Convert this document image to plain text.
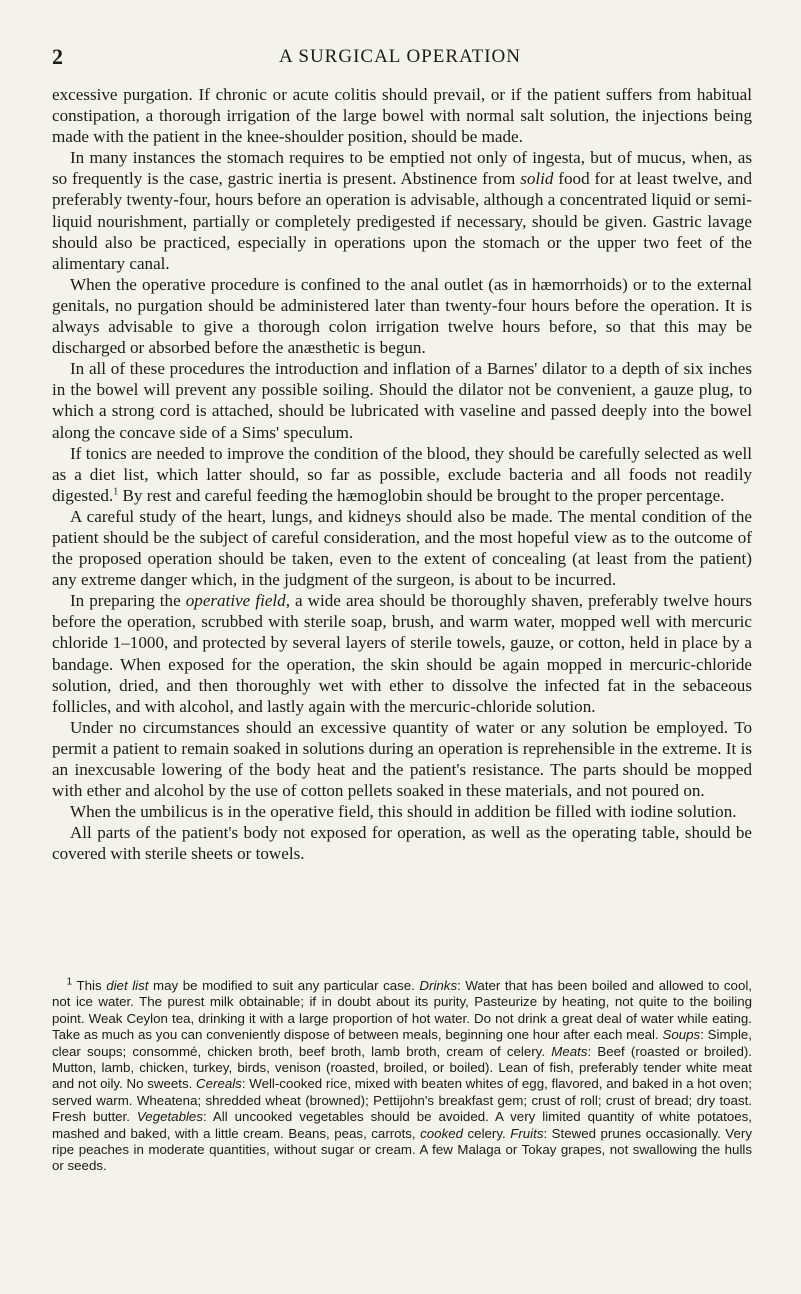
2	A SURGICAL OPERATION

excessive purgation. If chronic or acute colitis should prevail, or if the patient suffers from habitual constipation, a thorough irrigation of the large bowel with normal salt solution, the injections being made with the patient in the knee-shoulder position, should be made.

In many instances the stomach requires to be emptied not only of ingesta, but of mucus, when, as so frequently is the case, gastric inertia is present. Abstinence from solid food for at least twelve, and preferably twenty-four, hours before an operation is advisable, although a concentrated liquid or semi-liquid nourishment, partially or completely predigested if necessary, should be given. Gastric lavage should also be practiced, especially in operations upon the stomach or the upper two feet of the alimentary canal.

When the operative procedure is confined to the anal outlet (as in hæmorrhoids) or to the external genitals, no purgation should be administered later than twenty-four hours before the operation. It is always advisable to give a thorough colon irrigation twelve hours before, so that this may be discharged or absorbed before the anæsthetic is begun.

In all of these procedures the introduction and inflation of a Barnes' dilator to a depth of six inches in the bowel will prevent any possible soiling. Should the dilator not be convenient, a gauze plug, to which a strong cord is attached, should be lubricated with vaseline and passed deeply into the bowel along the concave side of a Sims' speculum.

If tonics are needed to improve the condition of the blood, they should be carefully selected as well as a diet list, which latter should, so far as possible, exclude bacteria and all foods not readily digested.$^1$ By rest and careful feeding the hæmoglobin should be brought to the proper percentage.

A careful study of the heart, lungs, and kidneys should also be made. The mental condition of the patient should be the subject of careful consideration, and the most hopeful view as to the outcome of the proposed operation should be taken, even to the extent of concealing (at least from the patient) any extreme danger which, in the judgment of the surgeon, is about to be incurred.

In preparing the operative field, a wide area should be thoroughly shaven, preferably twelve hours before the operation, scrubbed with sterile soap, brush, and warm water, mopped well with mercuric chloride 1–1000, and protected by several layers of sterile towels, gauze, or cotton, held in place by a bandage. When exposed for the operation, the skin should be again mopped in mercuric-chloride solution, dried, and then thoroughly wet with ether to dissolve the infected fat in the sebaceous follicles, and with alcohol, and lastly again with the mercuric-chloride solution.

Under no circumstances should an excessive quantity of water or any solution be employed. To permit a patient to remain soaked in solutions during an operation is reprehensible in the extreme. It is an inexcusable lowering of the body heat and the patient's resistance. The parts should be mopped with ether and alcohol by the use of cotton pellets soaked in these materials, and not poured on.

When the umbilicus is in the operative field, this should in addition be filled with iodine solution.

All parts of the patient's body not exposed for operation, as well as the operating table, should be covered with sterile sheets or towels.

$^1$ This diet list may be modified to suit any particular case. Drinks: Water that has been boiled and allowed to cool, not ice water. The purest milk obtainable; if in doubt about its purity, Pasteurize by heating, not quite to the boiling point. Weak Ceylon tea, drinking it with a large proportion of hot water. Do not drink a great deal of water while eating. Take as much as you can conveniently dispose of between meals, beginning one hour after each meal. Soups: Simple, clear soups; consommé, chicken broth, beef broth, lamb broth, cream of celery. Meats: Beef (roasted or broiled). Mutton, lamb, chicken, turkey, birds, venison (roasted, broiled, or boiled). Lean of fish, preferably tender white meat and not oily. No sweets. Cereals: Well-cooked rice, mixed with beaten whites of egg, flavored, and baked in a hot oven; served warm. Wheatena; shredded wheat (browned); Pettijohn's breakfast gem; crust of roll; crust of bread; dry toast. Fresh butter. Vegetables: All uncooked vegetables should be avoided. A very limited quantity of white potatoes, mashed and baked, with a little cream. Beans, peas, carrots, cooked celery. Fruits: Stewed prunes occasionally. Very ripe peaches in moderate quantities, without sugar or cream. A few Malaga or Tokay grapes, not swallowing the hulls or seeds.
